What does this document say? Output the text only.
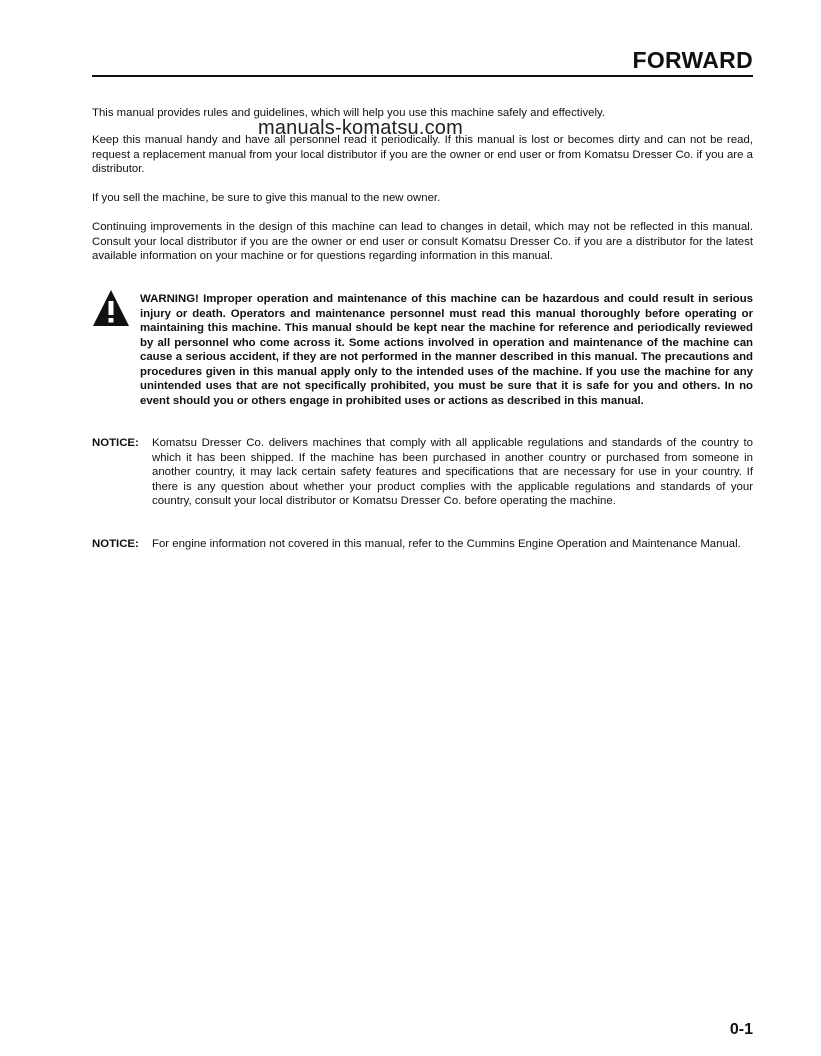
FORWARD
This manual provides rules and guidelines, which will help you use this machine safely and effectively.
manuals-komatsu.com
Keep this manual handy and have all personnel read it periodically. If this manual is lost or becomes dirty and can not be read, request a replacement manual from your local distributor if you are the owner or end user or from Komatsu Dresser Co. if you are a distributor.
If you sell the machine, be sure to give this manual to the new owner.
Continuing improvements in the design of this machine can lead to changes in detail, which may not be reflected in this manual. Consult your local distributor if you are the owner or end user or consult Komatsu Dresser Co. if you are a distributor for the latest available information on your machine or for questions regarding information in this manual.
WARNING! Improper operation and maintenance of this machine can be hazardous and could result in serious injury or death. Operators and maintenance personnel must read this manual thoroughly before operating or maintaining this machine. This manual should be kept near the machine for reference and periodically reviewed by all personnel who come across it. Some actions involved in operation and maintenance of the machine can cause a serious accident, if they are not performed in the manner described in this manual. The precautions and procedures given in this manual apply only to the intended uses of the machine. If you use the machine for any unintended uses that are not specifically prohibited, you must be sure that it is safe for you and others. In no event should you or others engage in prohibited uses or actions as described in this manual.
NOTICE:	Komatsu Dresser Co. delivers machines that comply with all applicable regulations and standards of the country to which it has been shipped. If the machine has been purchased in another country or purchased from someone in another country, it may lack certain safety features and specifications that are necessary for use in your country. If there is any question about whether your product complies with the applicable regulations and standards of your country, consult your local distributor or Komatsu Dresser Co. before operating the machine.
NOTICE:	For engine information not covered in this manual, refer to the Cummins Engine Operation and Maintenance Manual.
0-1
